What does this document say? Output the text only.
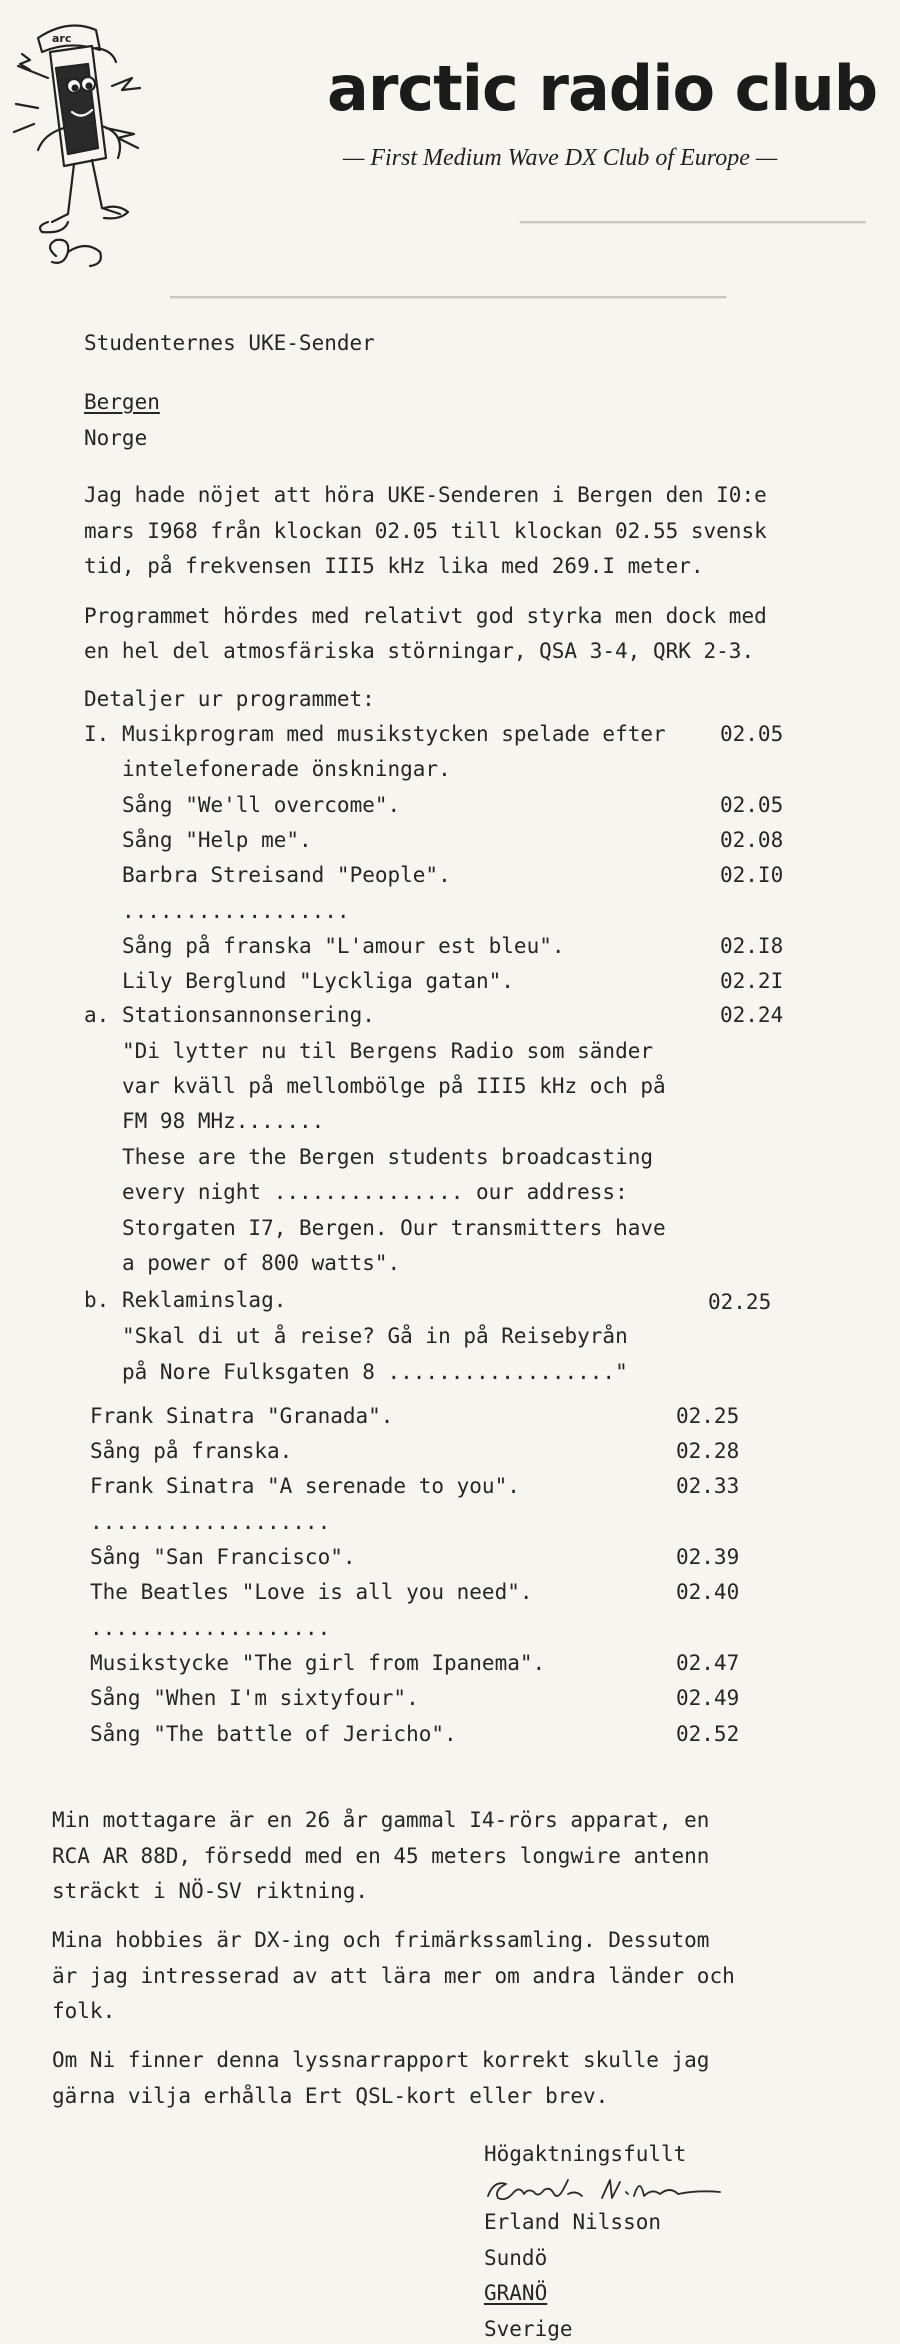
arc
arctic radio club
— First Medium Wave DX Club of Europe —
━━━━━━━━━━━━━━━━━━━━━━━━━━━━━━━━━━━━━━━━━━━━━━━━━━━━━━━━━━━━━━━━━━
━━━━━━━━━━━━━━━━━━━━━━━━━━━━━━━━━━━━━━━━━
Studenternes UKE-Sender
Bergen
Norge
Jag hade nöjet att höra UKE-Senderen i Bergen den I0:e
mars I968 från klockan 02.05 till klockan 02.55 svensk
tid, på frekvensen III5 kHz lika med 269.I meter.
Programmet hördes med relativt god styrka men dock med
en hel del atmosfäriska störningar, QSA 3-4, QRK 2-3.
Detaljer ur programmet:
I. Musikprogram med musikstycken spelade efter	02.05
intelefonerade önskningar.
Sång "We'll overcome".	02.05
Sång "Help me".	02.08
Barbra Streisand "People".	02.I0
..................
Sång på franska "L'amour est bleu".	02.I8
Lily Berglund "Lyckliga gatan".	02.2I
a. Stationsannonsering.	02.24
"Di lytter nu til Bergens Radio som sänder
var kväll på mellombölge på III5 kHz och på
FM 98 MHz.......
These are the Bergen students broadcasting
every night ............... our address:
Storgaten I7, Bergen. Our transmitters have
a power of 800 watts".
b. Reklaminslag.	02.25
"Skal di ut å reise? Gå in på Reisebyrån
på Nore Fulksgaten 8 .................."
Frank Sinatra "Granada".	02.25
Sång på franska.	02.28
Frank Sinatra "A serenade to you".	02.33
...................
Sång "San Francisco".	02.39
The Beatles "Love is all you need".	02.40
...................
Musikstycke "The girl from Ipanema".	02.47
Sång "When I'm sixtyfour".	02.49
Sång "The battle of Jericho".	02.52
Min mottagare är en 26 år gammal I4-rörs apparat, en
RCA AR 88D, försedd med en 45 meters longwire antenn
sträckt i NÖ-SV riktning.
Mina hobbies är DX-ing och frimärkssamling. Dessutom
är jag intresserad av att lära mer om andra länder och
folk.
Om Ni finner denna lyssnarrapport korrekt skulle jag
gärna vilja erhålla Ert QSL-kort eller brev.
Högaktningsfullt
Erland Nilsson
Sundö
GRANÖ
Sverige
